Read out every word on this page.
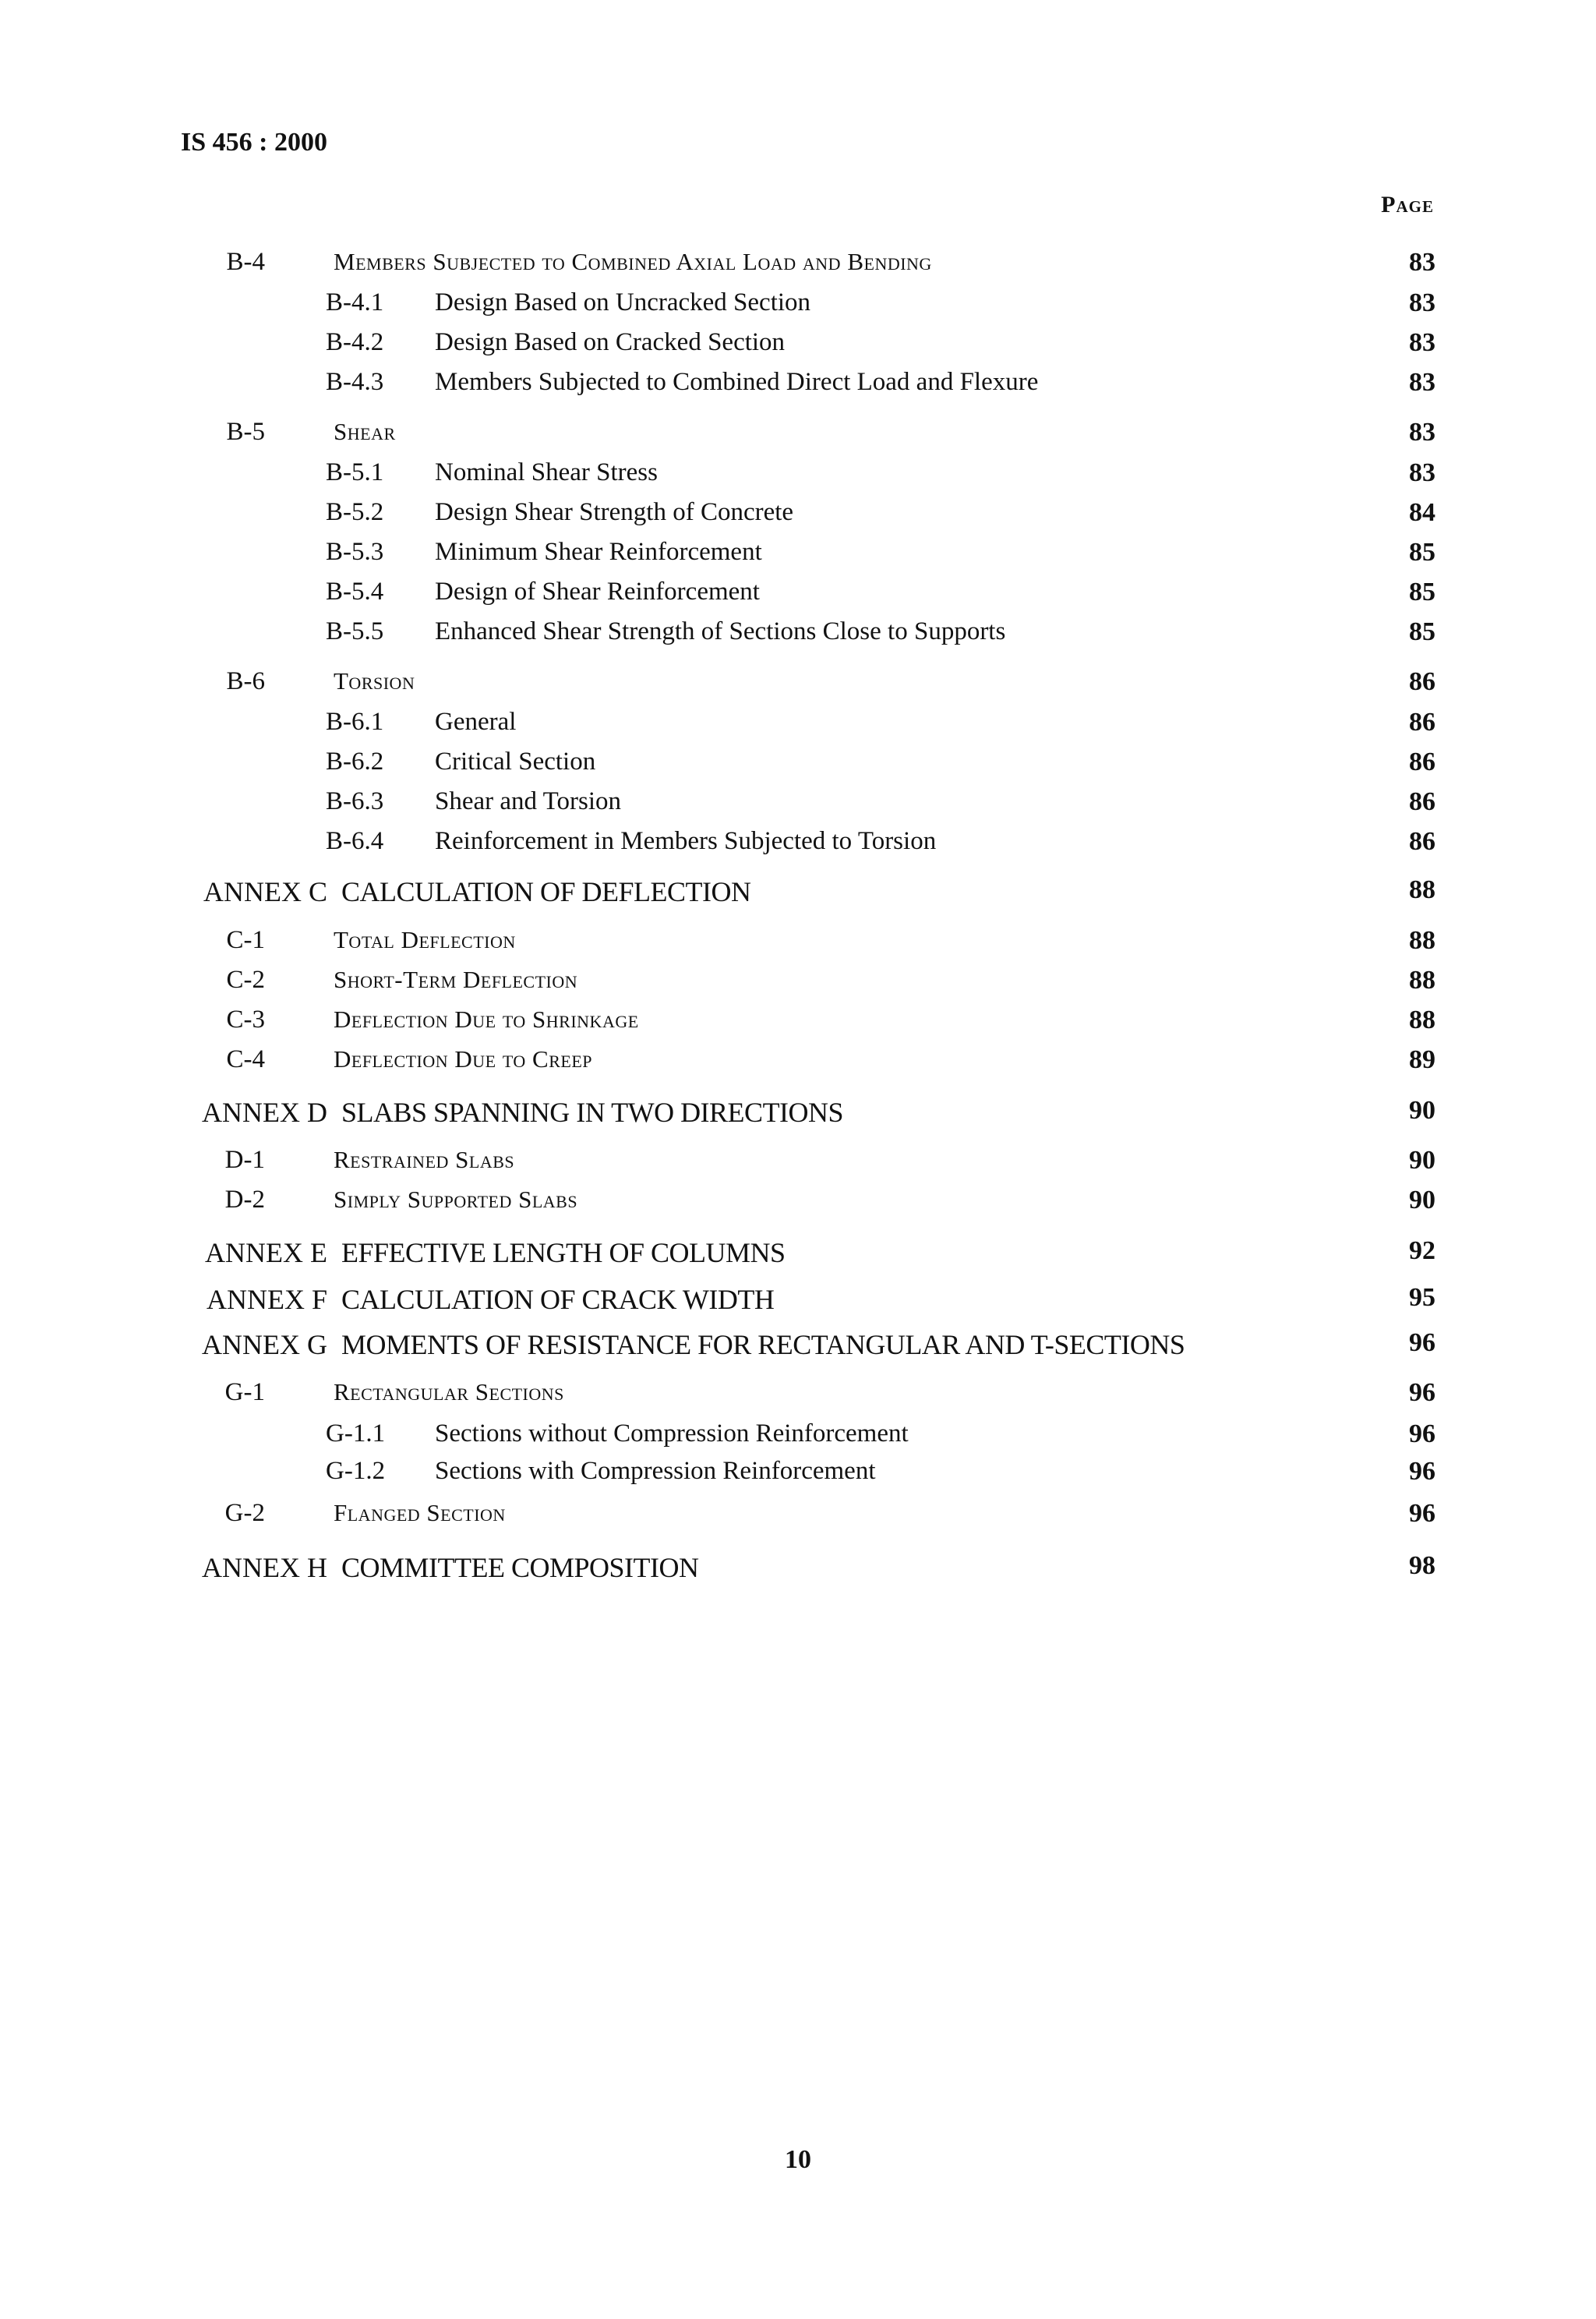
IS 456 : 2000
Page
B-4	Members Subjected to Combined Axial Load and Bending	83
B-4.1 Design Based on Uncracked Section	83
B-4.2 Design Based on Cracked Section	83
B-4.3 Members Subjected to Combined Direct Load and Flexure	83
B-5	Shear	83
B-5.1 Nominal Shear Stress	83
B-5.2 Design Shear Strength of Concrete	84
B-5.3 Minimum Shear Reinforcement	85
B-5.4 Design of Shear Reinforcement	85
B-5.5 Enhanced Shear Strength of Sections Close to Supports	85
B-6	Torsion	86
B-6.1 General	86
B-6.2 Critical Section	86
B-6.3 Shear and Torsion	86
B-6.4 Reinforcement in Members Subjected to Torsion	86
ANNEX C CALCULATION OF DEFLECTION	88
C-1	Total Deflection	88
C-2	Short-Term Deflection	88
C-3	Deflection Due to Shrinkage	88
C-4	Deflection Due to Creep	89
ANNEX D SLABS SPANNING IN TWO DIRECTIONS	90
D-1	Restrained Slabs	90
D-2	Simply Supported Slabs	90
ANNEX E EFFECTIVE LENGTH OF COLUMNS	92
ANNEX F CALCULATION OF CRACK WIDTH	95
ANNEX G MOMENTS OF RESISTANCE FOR RECTANGULAR AND T-SECTIONS	96
G-1	Rectangular Sections	96
G-1.1 Sections without Compression Reinforcement	96
G-1.2 Sections with Compression Reinforcement	96
G-2	Flanged Section	96
ANNEX H COMMITTEE COMPOSITION	98
10
